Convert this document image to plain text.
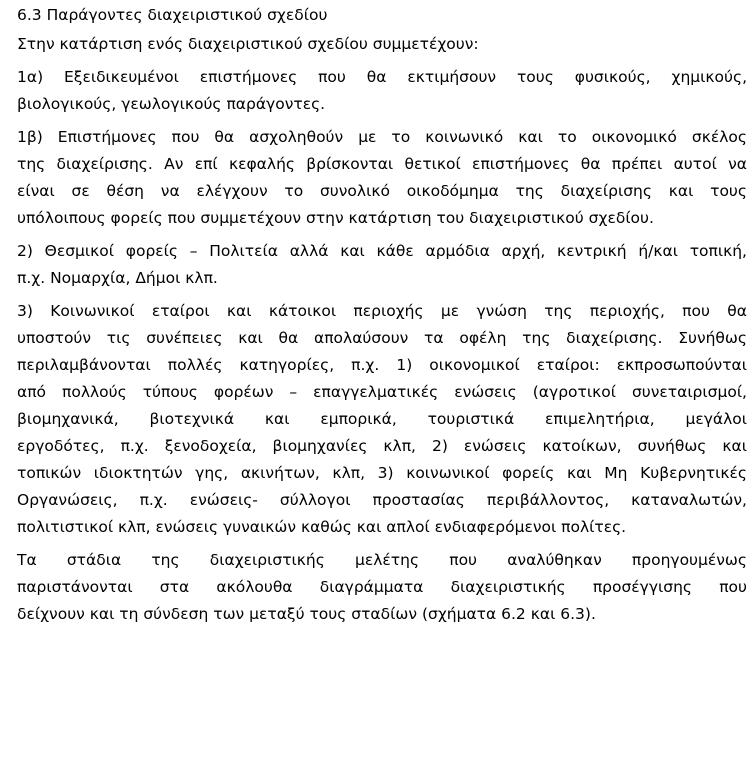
6.3 Παράγοντες διαχειριστικού σχεδίου

Στην κατάρτιση ενός διαχειριστικού σχεδίου συμμετέχουν:

1α) Εξειδικευμένοι επιστήμονες που θα εκτιμήσουν τους φυσικούς, χημικούς,
βιολογικούς, γεωλογικούς παράγοντες.

1β) Επιστήμονες που θα ασχοληθούν με το κοινωνικό και το οικονομικό σκέλος
της διαχείρισης. Αν επί κεφαλής βρίσκονται θετικοί επιστήμονες θα πρέπει αυτοί να
είναι σε θέση να ελέγχουν το συνολικό οικοδόμημα της διαχείρισης και τους
υπόλοιπους φορείς που συμμετέχουν στην κατάρτιση του διαχειριστικού σχεδίου.

2) Θεσμικοί φορείς – Πολιτεία αλλά και κάθε αρμόδια αρχή, κεντρική ή/και τοπική,
π.χ. Νομαρχία, Δήμοι κλπ.

3) Κοινωνικοί εταίροι και κάτοικοι περιοχής με γνώση της περιοχής, που θα
υποστούν τις συνέπειες και θα απολαύσουν τα οφέλη της διαχείρισης. Συνήθως
περιλαμβάνονται πολλές κατηγορίες, π.χ. 1) οικονομικοί εταίροι: εκπροσωπούνται
από πολλούς τύπους φορέων – επαγγελματικές ενώσεις (αγροτικοί συνεταιρισμοί,
βιομηχανικά, βιοτεχνικά και εμπορικά, τουριστικά επιμελητήρια, μεγάλοι
εργοδότες, π.χ. ξενοδοχεία, βιομηχανίες κλπ, 2) ενώσεις κατοίκων, συνήθως και
τοπικών ιδιοκτητών γης, ακινήτων, κλπ, 3) κοινωνικοί φορείς και Μη Κυβερνητικές
Οργανώσεις, π.χ. ενώσεις- σύλλογοι προστασίας περιβάλλοντος, καταναλωτών,
πολιτιστικοί κλπ, ενώσεις γυναικών καθώς και απλοί ενδιαφερόμενοι πολίτες.

Τα στάδια της διαχειριστικής μελέτης που αναλύθηκαν προηγουμένως
παριστάνονται στα ακόλουθα διαγράμματα διαχειριστικής προσέγγισης που
δείχνουν και τη σύνδεση των μεταξύ τους σταδίων (σχήματα 6.2 και 6.3).
